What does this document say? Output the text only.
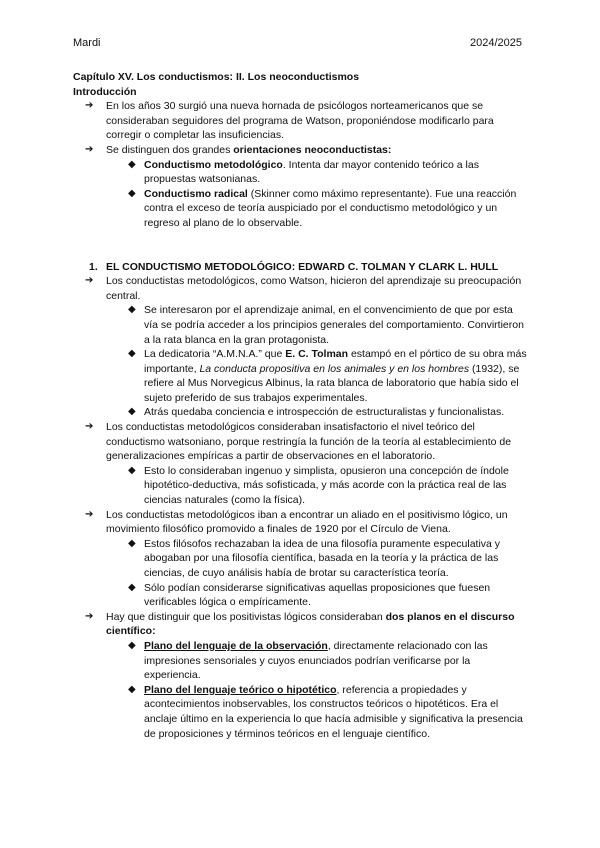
Mardi	2024/2025
Capítulo XV. Los conductismos: II. Los neoconductismos
Introducción

➔ En los años 30 surgió una nueva hornada de psicólogos norteamericanos que se consideraban seguidores del programa de Watson, proponiéndose modificarlo para corregir o completar las insuficiencias.

➔ Se distinguen dos grandes orientaciones neoconductistas:

◆ Conductismo metodológico. Intenta dar mayor contenido teórico a las propuestas watsonianas.

◆ Conductismo radical (Skinner como máximo representante). Fue una reacción contra el exceso de teoría auspiciado por el conductismo metodológico y un regreso al plano de lo observable.

1. EL CONDUCTISMO METODOLÓGICO: EDWARD C. TOLMAN Y CLARK L. HULL

➔ Los conductistas metodológicos, como Watson, hicieron del aprendizaje su preocupación central.

◆ Se interesaron por el aprendizaje animal, en el convencimiento de que por esta vía se podría acceder a los principios generales del comportamiento. Convirtieron a la rata blanca en la gran protagonista.

◆ La dedicatoria “A.M.N.A.” que E. C. Tolman estampó en el pórtico de su obra más importante, La conducta propositiva en los animales y en los hombres (1932), se refiere al Mus Norvegicus Albinus, la rata blanca de laboratorio que había sido el sujeto preferido de sus trabajos experimentales.

◆ Atrás quedaba conciencia e introspección de estructuralistas y funcionalistas.

➔ Los conductistas metodológicos consideraban insatisfactorio el nivel teórico del conductismo watsoniano, porque restringía la función de la teoría al establecimiento de generalizaciones empíricas a partir de observaciones en el laboratorio.

◆ Esto lo consideraban ingenuo y simplista, opusieron una concepción de índole hipotético-deductiva, más sofisticada, y más acorde con la práctica real de las ciencias naturales (como la física).

➔ Los conductistas metodológicos iban a encontrar un aliado en el positivismo lógico, un movimiento filosófico promovido a finales de 1920 por el Círculo de Viena.

◆ Estos filósofos rechazaban la idea de una filosofía puramente especulativa y abogaban por una filosofía científica, basada en la teoría y la práctica de las ciencias, de cuyo análisis había de brotar su característica teoría.

◆ Sólo podían considerarse significativas aquellas proposiciones que fuesen verificables lógica o empíricamente.

➔ Hay que distinguir que los positivistas lógicos consideraban dos planos en el discurso científico:

◆ Plano del lenguaje de la observación, directamente relacionado con las impresiones sensoriales y cuyos enunciados podrían verificarse por la experiencia.

◆ Plano del lenguaje teórico o hipotético, referencia a propiedades y acontecimientos inobservables, los constructos teóricos o hipotéticos. Era el anclaje último en la experiencia lo que hacía admisible y significativa la presencia de proposiciones y términos teóricos en el lenguaje científico.
